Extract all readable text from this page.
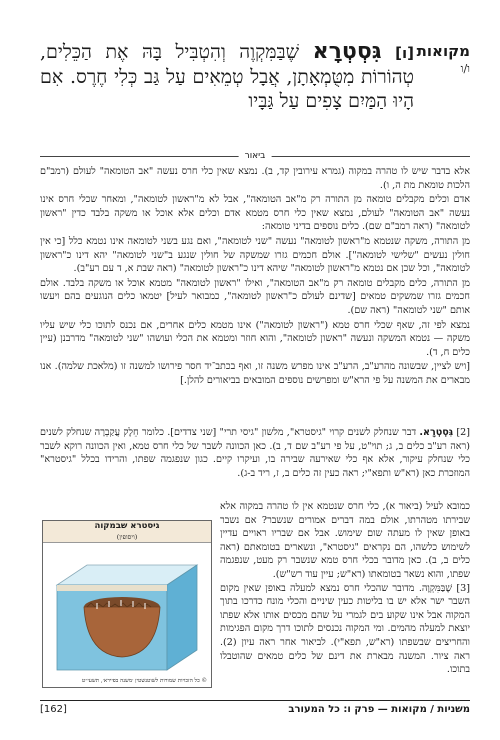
מקואות
ו/ו
[ו] גִּסְטְרָא שֶׁבַּמִּקְוֶה וְהִטְבִּיל בָּהּ אֶת הַכֵּלִים, טְהוֹרוֹת מִטֻּמְאָתָן, אֲבָל טְמֵאִים עַל גַּב כְּלִי חֶרֶס. אִם הָיוּ הַמַּיִם צָפִים עַל גַּבָּיו
ביאור

אלא בדבר שיש לו טהרה במקוה (גמרא עירובין קד, ב). נמצא שאין כלי חרס נעשה "אב הטומאה" לעולם (רמב"ם הלכות טומאת מת ה, ו).

אדם וכלים מקבלים טומאה מן התורה רק מ"אב הטומאה", אבל לא מ"ראשון לטומאה", ומאחר שכלי חרס אינו נעשה "אב הטומאה" לעולם, נמצא שאין כלי חרס מטמא אדם וכלים אלא אוכל או משקה בלבד כדין "ראשון לטומאה" (ראה רמב"ם שם). כלים נוספים בדיני טומאה:

מן התורה, משקה שנטמא מ"ראשון לטומאה" נעשה "שני לטומאה", ואם נגע בשני לטומאה אינו נטמא כלל [כי אין חולין נעשים "שלישי לטומאה"]. אולם חכמים גזרו שמשקה של חולין שנגע ב"שני לטומאה" יהא דינו כ"ראשון לטומאה", וכל שכן אם נטמא מ"ראשון לטומאה" שיהא דינו כ"ראשון לטומאה" (ראה שבת א, ד עם רע"ב).

מן התורה, כלים מקבלים טומאה רק מ"אב הטומאה", ואילו "ראשון לטומאה" מטמא אוכל או משקה בלבד. אולם חכמים גזרו שמשקים טמאים [שדינם לעולם כ"ראשון לטומאה", כמבואר לעיל] יטמאו כלים הנוגעים בהם ויעשו אותם "שני לטומאה" (ראה שם).

נמצא לפי זה, שאף שכלי חרס טמא ("ראשון לטומאה") אינו מטמא כלים אחרים, אם נכנס לתוכו כלי שיש עליו משקה — נטמא המשקה ונעשה "ראשון לטומאה", והוא חוזר ומטמא את הכלי ועושהו "שני לטומאה" מדרבנן (עיין כלים ח, ד).

[ויש לציין, שבשונה מהרע"ב, הרע"ב אינו מפרש משנה זו, ואף בכתב־יד חסר פירושו למשנה זו (מלאכת שלמה). אנו מבארים את המשנה על פי הרא"ש ומפרשים נוספים המובאים בביאורים להלן.]

[2] גִּסְטְרָא. דבר שנחלק לשנים קרוי "גיסטרא", מלשון "גיסי תרי" [שני צדדים]. כלומר חֵלֶק עֲקַבְרָה שנחלק לשנים (ראה רע"ב כלים ב, ג; תוי"ט, על פי רע"ב שם ד, ב). כאן הכוונה לשבר של כלי חרס טמא, ואין הכוונה רוקא לשבר כלי שנחלק עיקור, אלא אף כלי שאירעה שבירה בו, ועיקרו קיים. כגון שנפגמה שפתו, והרידו בכלל "גיסטרא" המוזכרת כאן (רא"ש ותפא"י; ראה כעין זה כלים ב, ז, ריד ב-ג).

כמובא לעיל (ביאור א), כלי חרס שנטמא אין לו טהרה במקוה אלא שבירתו מטהרתו, אולם במה דברים אמורים שנשבר? אם נשבר באופן שאין לו מעתה שום שימוש. אבל אם שבריו ראויים עדיין לשימוש כלשהו, הם נקראים "גיסטרא", ונשארים בטומאתם (ראה כלים ב, ב). כאן מדובר בכלי חרס טמא שנשבר רק מעט, שנפגמה שפתו, והוא נשאר בטומאתו (רא"ש; עיין עוד רש"ש).

[3] שֶׁבַּמִּקְוֶה. מדובר שהכלי חרס נמצא למעלה באופן שאין מקום השבר ישר אלא יש בו בליטות כעין שיניים והכלי מונח כדרכו בתוך המקוה אבל אינו שקוע בים לגמרי על שהם מכסים אותו אלא שפתו יוצאת למעלה מהמים. ומי המקוה נכנסים לתוכו דרך מקום הפגימות והחריצים שבשפתו (רא"ש, תפא"י). לביאור אחר ראה עיון (2). ראה ציור. המשנה מבארת את דינם של כלים טמאים שהוטבלו בתוכו.

גיסטרא שבמקוה
(ויסופין)
© כל הזכויות שמורות לשוטנשטין ׳משנה בפיירא׳, תשעי״ט
משניות / מקואות — פרק ו: כל המעורב
[162]
